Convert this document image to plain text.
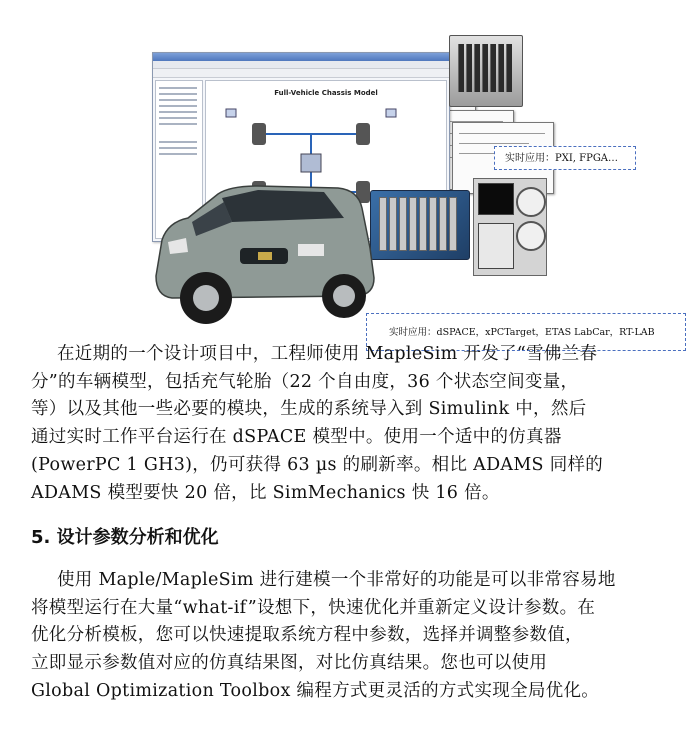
Full-Vehicle Chassis Model
实时应用：PXI, FPGA…
实时应用：dSPACE，xPCTarget，ETAS LabCar，RT-LAB
在近期的一个设计项目中，工程师使用 MapleSim 开发了“雪佛兰春
分”的车辆模型，包括充气轮胎（22 个自由度，36 个状态空间变量，
等）以及其他一些必要的模块，生成的系统导入到 Simulink 中，然后
通过实时工作平台运行在 dSPACE 模型中。使用一个适中的仿真器
(PowerPC 1 GH3)，仍可获得 63 µs 的刷新率。相比 ADAMS 同样的
ADAMS 模型要快 20 倍，比 SimMechanics 快 16 倍。
5. 设计参数分析和优化
使用 Maple/MapleSim 进行建模一个非常好的功能是可以非常容易地
将模型运行在大量“what-if”设想下，快速优化并重新定义设计参数。在
优化分析模板，您可以快速提取系统方程中参数，选择并调整参数值，
立即显示参数值对应的仿真结果图，对比仿真结果。您也可以使用
Global Optimization Toolbox 编程方式更灵活的方式实现全局优化。
